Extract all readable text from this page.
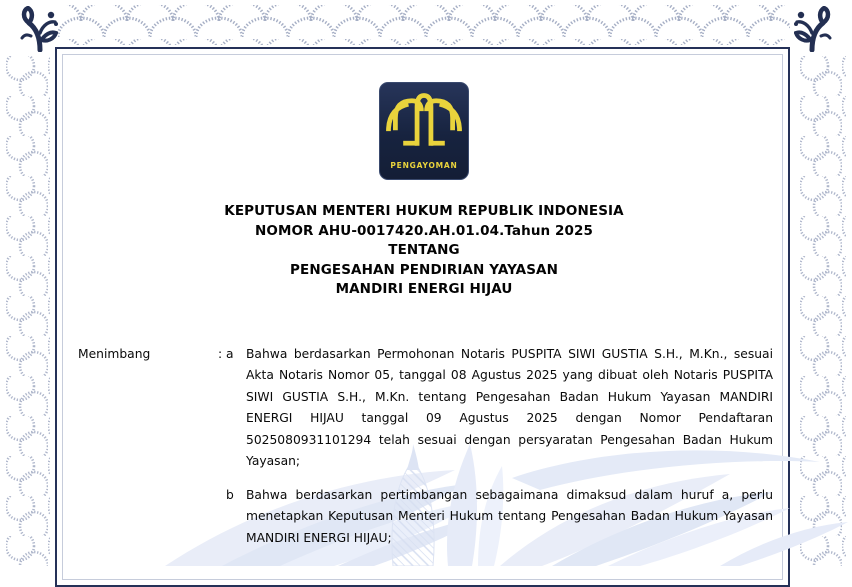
PENGAYOMAN
KEPUTUSAN MENTERI HUKUM REPUBLIK INDONESIA
NOMOR AHU-0017420.AH.01.04.Tahun 2025
TENTANG
PENGESAHAN PENDIRIAN YAYASAN
MANDIRI ENERGI HIJAU
Menimbang	: a	Bahwa berdasarkan Permohonan Notaris PUSPITA SIWI GUSTIA S.H., M.Kn., sesuai Akta Notaris Nomor 05, tanggal 08 Agustus 2025 yang dibuat oleh Notaris PUSPITA SIWI GUSTIA S.H., M.Kn. tentang Pengesahan Badan Hukum Yayasan MANDIRI ENERGI HIJAU tanggal 09 Agustus 2025 dengan Nomor Pendaftaran 5025080931101294 telah sesuai dengan persyaratan Pengesahan Badan Hukum Yayasan;
b Bahwa berdasarkan pertimbangan sebagaimana dimaksud dalam huruf a, perlu menetapkan Keputusan Menteri Hukum tentang Pengesahan Badan Hukum Yayasan MANDIRI ENERGI HIJAU;
